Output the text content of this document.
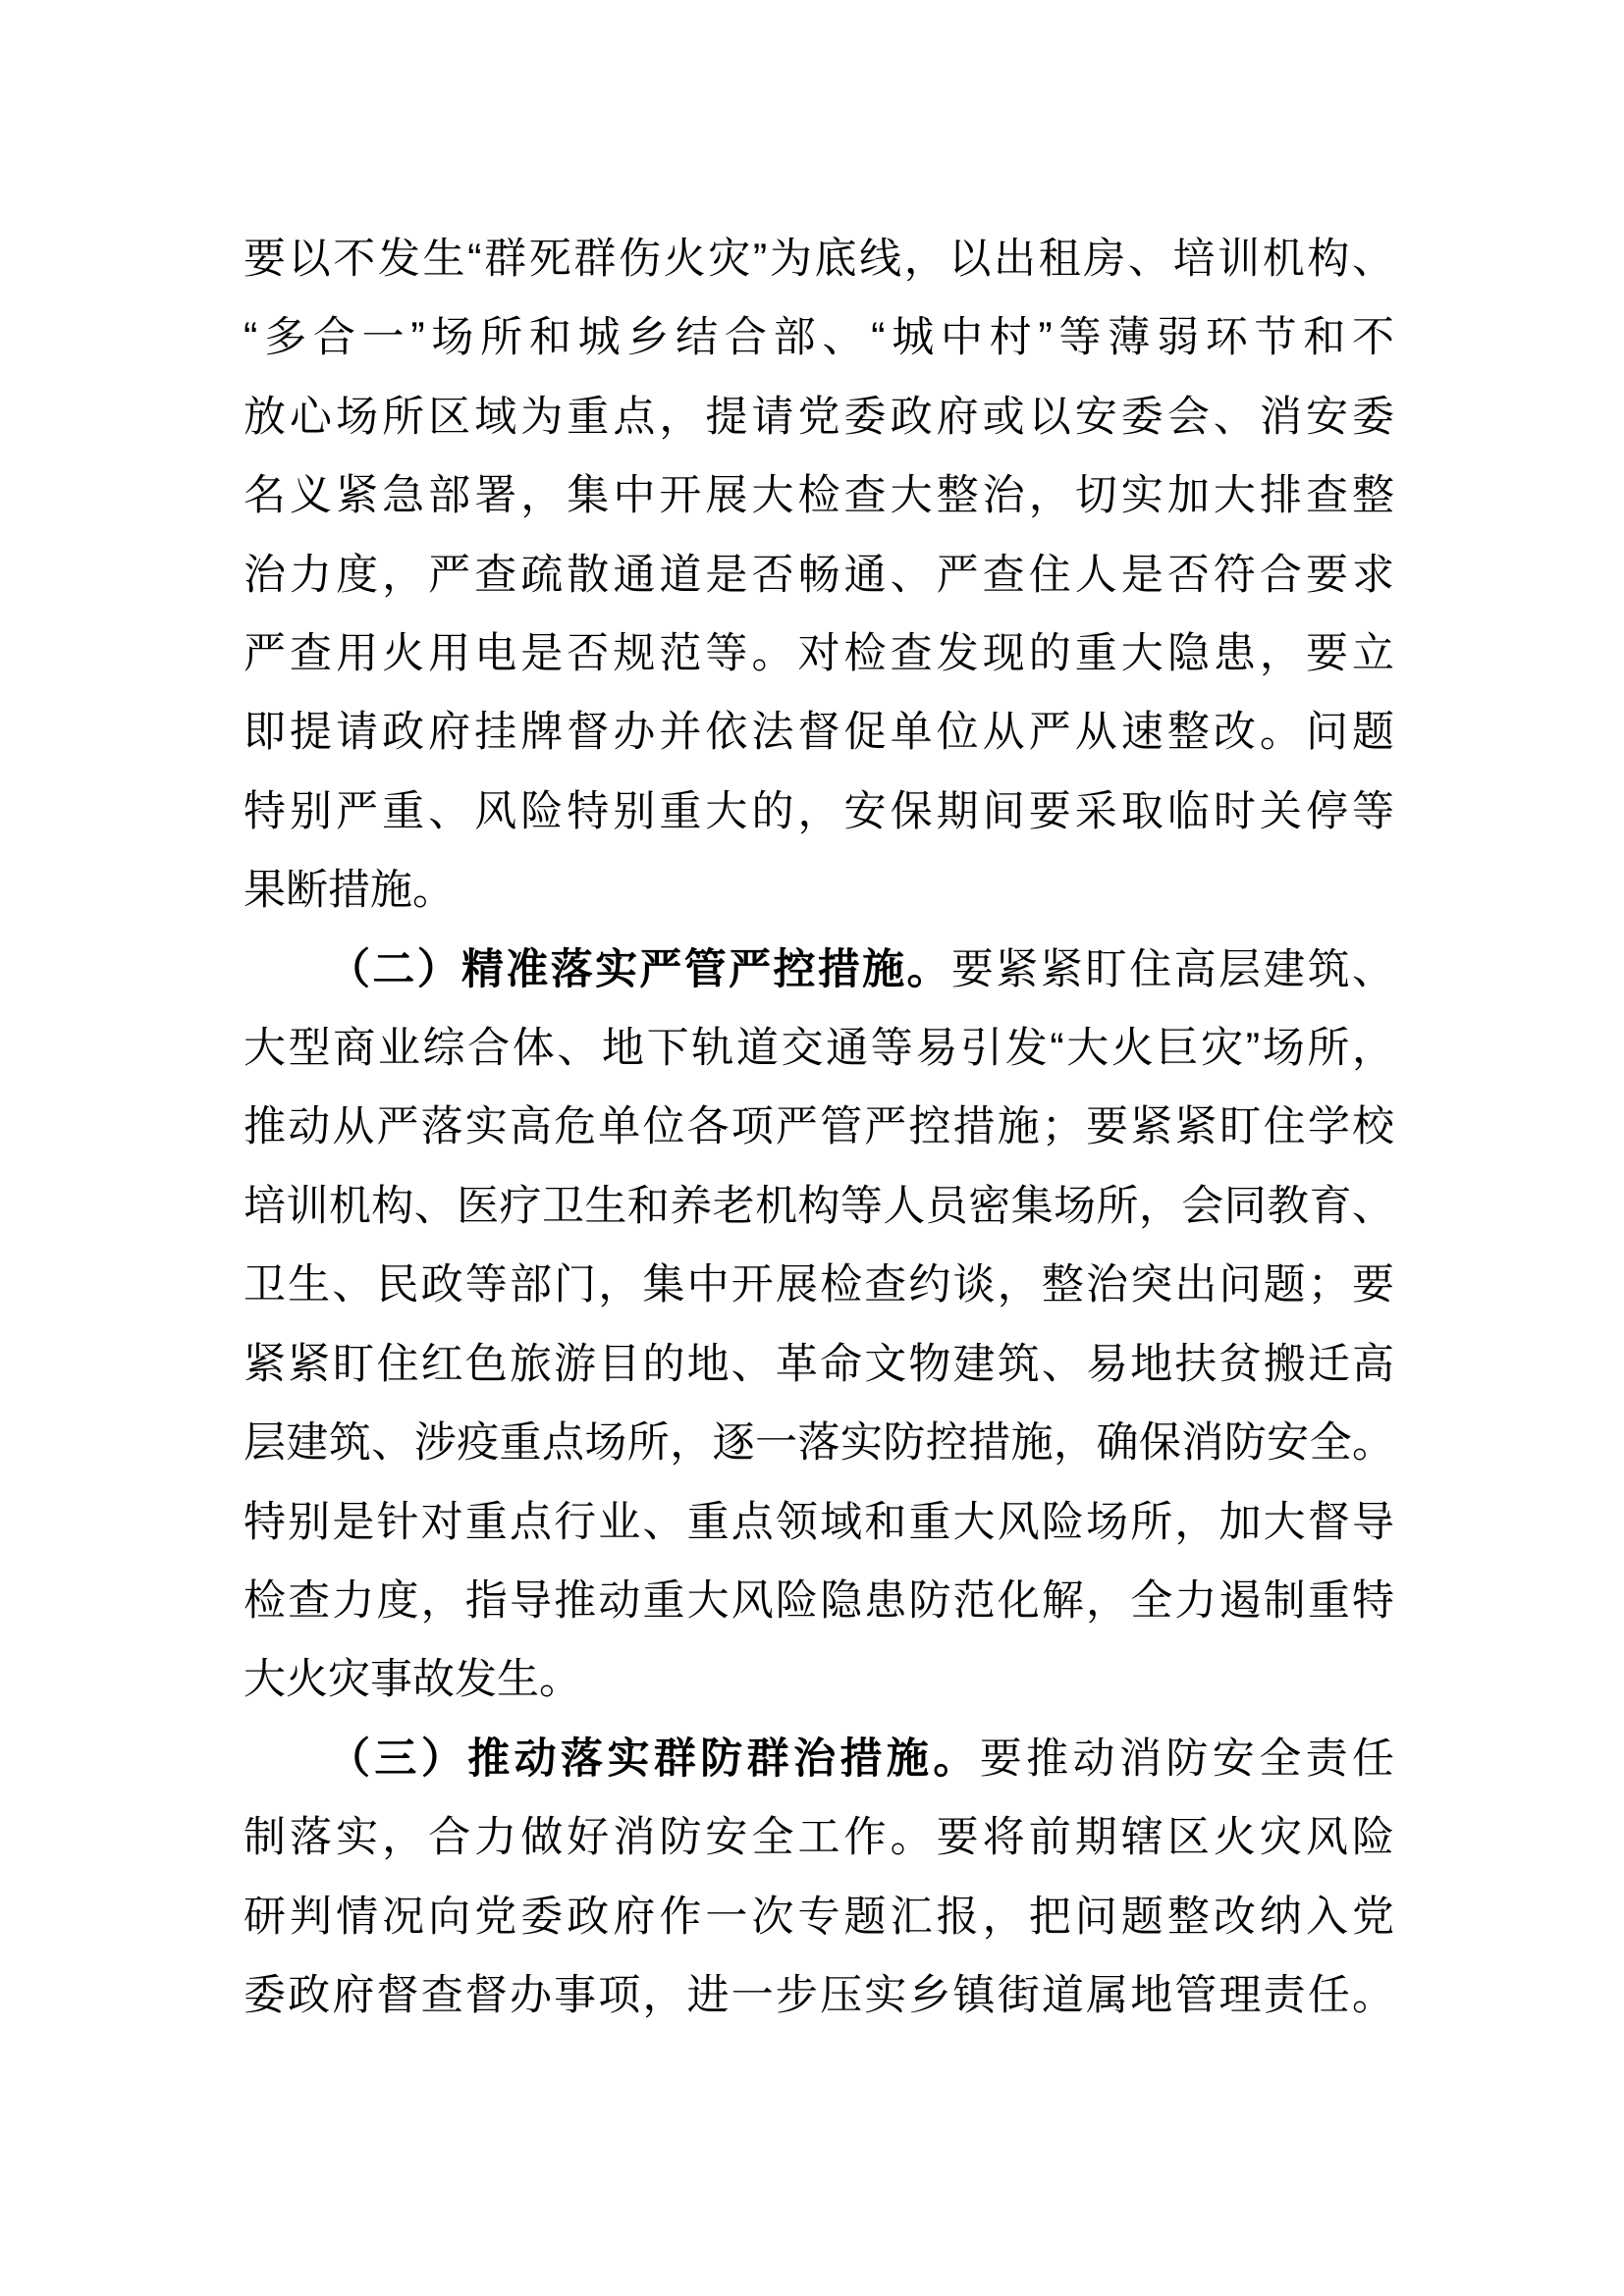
要以不发生“群死群伤火灾”为底线，以出租房、培训机构、
“多合一”场所和城乡结合部、“城中村”等薄弱环节和不
放心场所区域为重点，提请党委政府或以安委会、消安委
名义紧急部署，集中开展大检查大整治，切实加大排查整
治力度，严查疏散通道是否畅通、严查住人是否符合要求
严查用火用电是否规范等。对检查发现的重大隐患，要立
即提请政府挂牌督办并依法督促单位从严从速整改。问题
特别严重、风险特别重大的，安保期间要采取临时关停等
果断措施。
（二）精准落实严管严控措施。要紧紧盯住高层建筑、
大型商业综合体、地下轨道交通等易引发“大火巨灾”场所，
推动从严落实高危单位各项严管严控措施；要紧紧盯住学校
培训机构、医疗卫生和养老机构等人员密集场所，会同教育、
卫生、民政等部门，集中开展检查约谈，整治突出问题；要
紧紧盯住红色旅游目的地、革命文物建筑、易地扶贫搬迁高
层建筑、涉疫重点场所，逐一落实防控措施，确保消防安全。
特别是针对重点行业、重点领域和重大风险场所，加大督导
检查力度，指导推动重大风险隐患防范化解，全力遏制重特
大火灾事故发生。
（三）推动落实群防群治措施。要推动消防安全责任
制落实，合力做好消防安全工作。要将前期辖区火灾风险
研判情况向党委政府作一次专题汇报，把问题整改纳入党
委政府督查督办事项，进一步压实乡镇街道属地管理责任。
